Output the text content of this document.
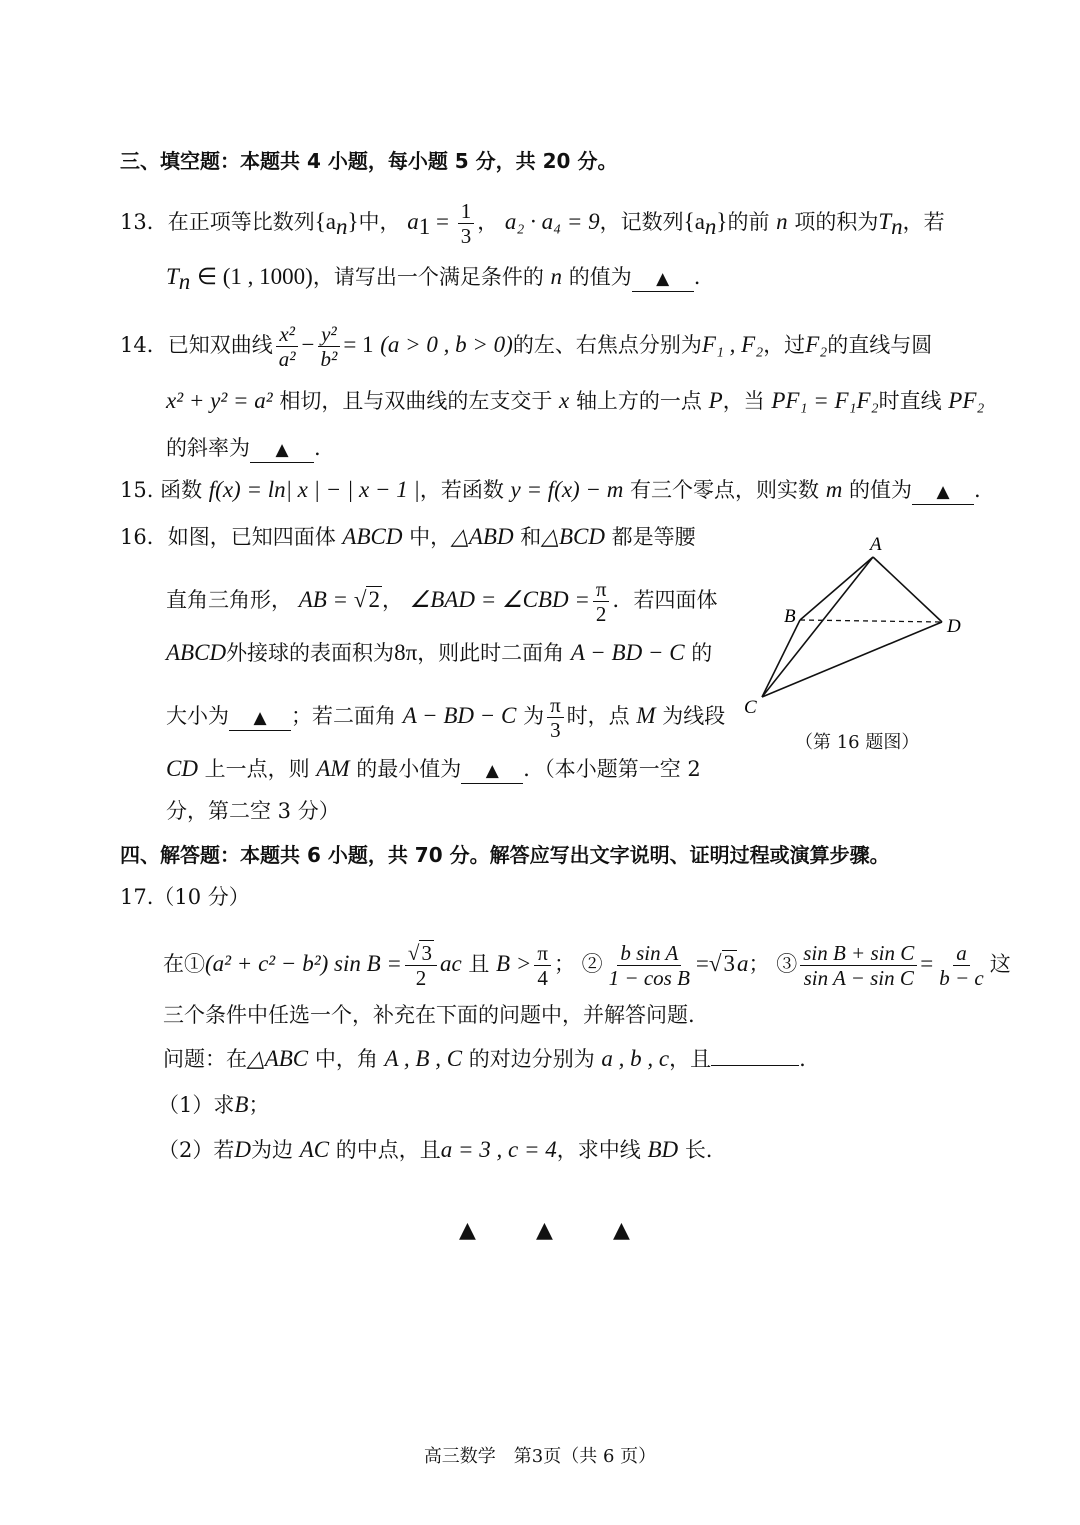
三、填空题：本题共 4 小题，每小题 5 分，共 20 分。
13．在正项等比数列$\{a_n\}$中， $a_1 = \frac{1}{3}$ ， a₂ · a₄ = 9，记数列$\{a_n\}$的前 n 项的积为$T_n$，若
$T_n$ ∈ (1 , 1000)，请写出一个满足条件的 n 的值为 ▲ .
14．已知双曲线 $\frac{\text{x²}}{\text{a²}} - \frac{\text{y²}}{\text{b²}} = 1$ (a > 0 , b > 0)的左、右焦点分别为F₁ , F₂，过F₂的直线与圆
x² + y² = a² 相切，且与双曲线的左支交于 x 轴上方的一点 P，当 PF₁ = F₁F₂时直线 PF₂
的斜率为 ▲ .
15. 函数 f(x) = ln| x | − | x − 1 |，若函数 y = f(x) − m 有三个零点，则实数 m 的值为 ▲ .
16．如图，已知四面体 ABCD 中，△ABD 和△BCD 都是等腰
直角三角形， AB = √2， ∠BAD = ∠CBD = $\frac{\pi}{2}$ ．若四面体
ABCD外接球的表面积为8π，则此时二面角 A − BD − C 的
大小为 ▲ ；若二面角 A − BD − C 为 $\frac{\pi}{3}$ 时，点 M 为线段
CD 上一点，则 AM 的最小值为 ▲ ．（本小题第一空 2
分，第二空 3 分）
A
B
C
D
（第 16 题图）
四、解答题：本题共 6 小题，共 70 分。解答应写出文字说明、证明过程或演算步骤。
17.（10 分）
在①(a² + c² − b²) $\sin B = \frac{√3}{2}$ ac 且 $B > \frac{\pi}{4}$ ； ② $\frac{\text{b sin A}}{\text{1 − cos B}} =√3a$； ③ $\frac{\text{sin B + sin C}}{\text{sin A − sin C}} = \frac{a}{b - c}$ 这
三个条件中任选一个，补充在下面的问题中，并解答问题.
问题：在△ABC 中，角 A , B , C 的对边分别为 a , b , c，且	.
（1）求B；
（2）若D为边 AC 的中点，且a = 3 , c = 4，求中线 BD 长.
▲	▲	▲
高三数学　第3页（共 6 页）
